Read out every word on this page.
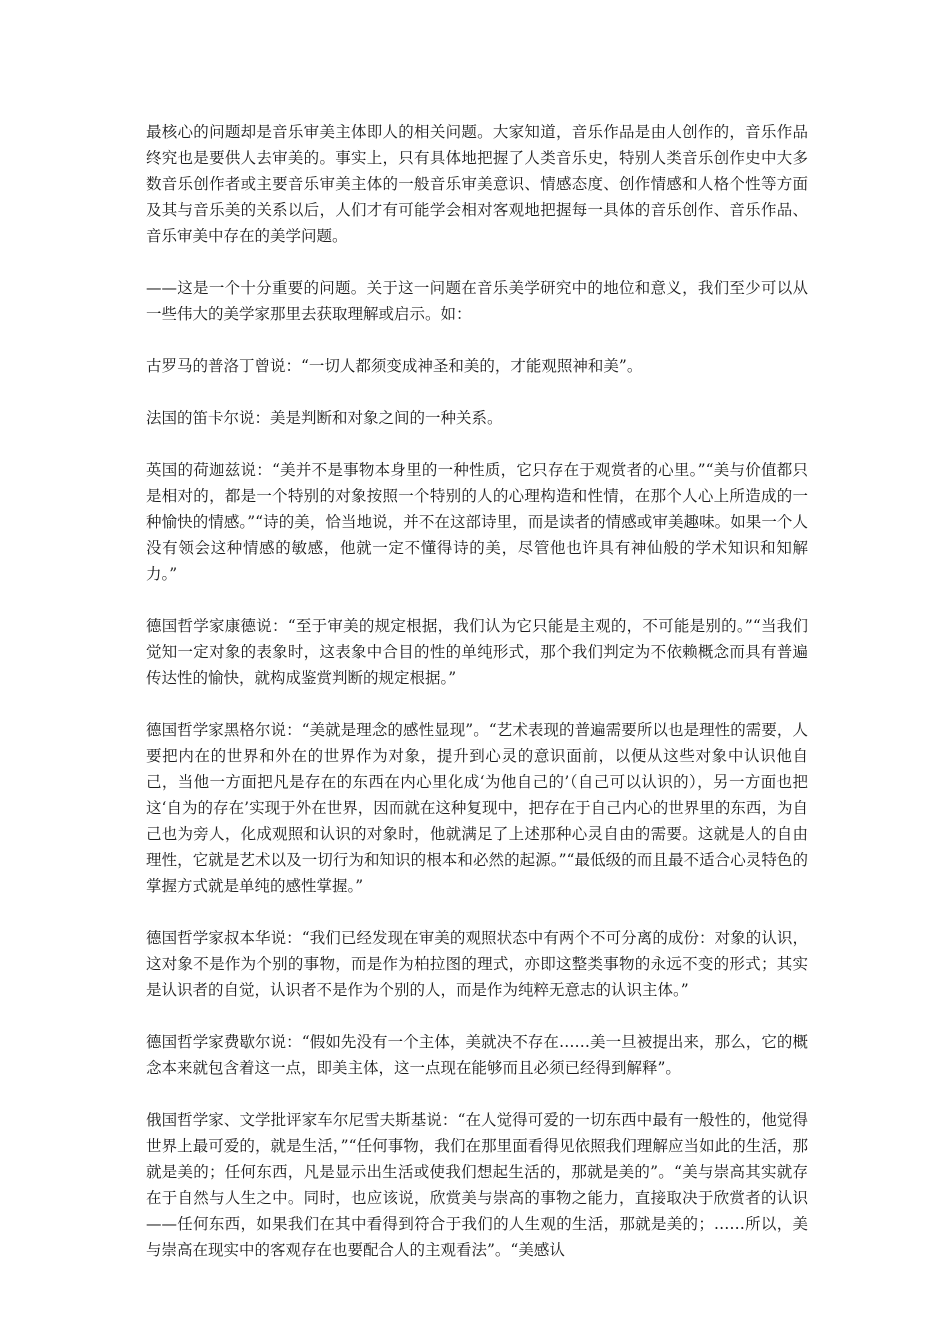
最核心的问题却是音乐审美主体即人的相关问题。大家知道，音乐作品是由人创作的，音乐作品终究也是要供人去审美的。事实上，只有具体地把握了人类音乐史，特别人类音乐创作史中大多数音乐创作者或主要音乐审美主体的一般音乐审美意识、情感态度、创作情感和人格个性等方面及其与音乐美的关系以后，人们才有可能学会相对客观地把握每一具体的音乐创作、音乐作品、音乐审美中存在的美学问题。

——这是一个十分重要的问题。关于这一问题在音乐美学研究中的地位和意义，我们至少可以从一些伟大的美学家那里去获取理解或启示。如：

古罗马的普洛丁曾说：“一切人都须变成神圣和美的，才能观照神和美”。

法国的笛卡尔说：美是判断和对象之间的一种关系。

英国的荷迦兹说：“美并不是事物本身里的一种性质，它只存在于观赏者的心里。”“美与价值都只是相对的，都是一个特别的对象按照一个特别的人的心理构造和性情，在那个人心上所造成的一种愉快的情感。”“诗的美，恰当地说，并不在这部诗里，而是读者的情感或审美趣味。如果一个人没有领会这种情感的敏感，他就一定不懂得诗的美，尽管他也许具有神仙般的学术知识和知解力。”

德国哲学家康德说：“至于审美的规定根据，我们认为它只能是主观的，不可能是别的。”“当我们觉知一定对象的表象时，这表象中合目的性的单纯形式，那个我们判定为不依赖概念而具有普遍传达性的愉快，就构成鉴赏判断的规定根据。”

德国哲学家黑格尔说：“美就是理念的感性显现”。“艺术表现的普遍需要所以也是理性的需要，人要把内在的世界和外在的世界作为对象，提升到心灵的意识面前，以便从这些对象中认识他自己，当他一方面把凡是存在的东西在内心里化成‘为他自己的’（自己可以认识的），另一方面也把这‘自为的存在’实现于外在世界，因而就在这种复现中，把存在于自己内心的世界里的东西，为自己也为旁人，化成观照和认识的对象时，他就满足了上述那种心灵自由的需要。这就是人的自由理性，它就是艺术以及一切行为和知识的根本和必然的起源。”“最低级的而且最不适合心灵特色的掌握方式就是单纯的感性掌握。”

德国哲学家叔本华说：“我们已经发现在审美的观照状态中有两个不可分离的成份：对象的认识，这对象不是作为个别的事物，而是作为柏拉图的理式，亦即这整类事物的永远不变的形式；其实是认识者的自觉，认识者不是作为个别的人，而是作为纯粹无意志的认识主体。”

德国哲学家费歇尔说：“假如先没有一个主体，美就决不存在……美一旦被提出来，那么，它的概念本来就包含着这一点，即美主体，这一点现在能够而且必须已经得到解释”。

俄国哲学家、文学批评家车尔尼雪夫斯基说：“在人觉得可爱的一切东西中最有一般性的，他觉得世界上最可爱的，就是生活，”“任何事物，我们在那里面看得见依照我们理解应当如此的生活，那就是美的；任何东西，凡是显示出生活或使我们想起生活的，那就是美的”。“美与崇高其实就存在于自然与人生之中。同时，也应该说，欣赏美与崇高的事物之能力，直接取决于欣赏者的认识——任何东西，如果我们在其中看得到符合于我们的人生观的生活，那就是美的；……所以，美与崇高在现实中的客观存在也要配合人的主观看法”。“美感认
